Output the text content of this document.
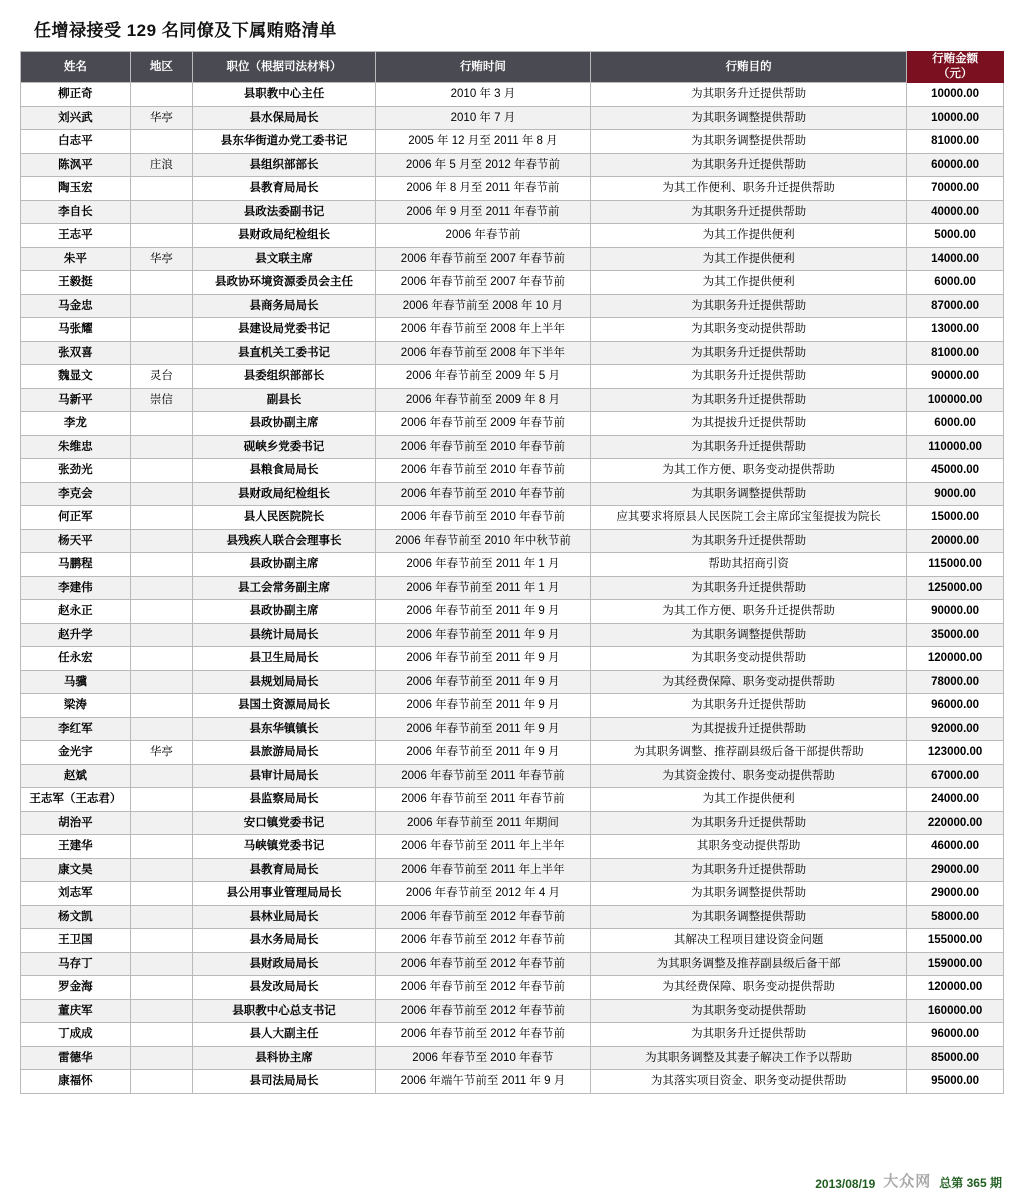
任增禄接受 129 名同僚及下属贿赂清单
姓名	地区	职位（根据司法材料）	行贿时间	行贿目的	行贿金额
（元）

柳正奇		县职教中心主任	2010 年 3 月	为其职务升迁提供帮助	10000.00
刘兴武	华亭	县水保局局长	2010 年 7 月	为其职务调整提供帮助	10000.00
白志平		县东华街道办党工委书记	2005 年 12 月至 2011 年 8 月	为其职务调整提供帮助	81000.00
陈沨平	庄浪	县组织部部长	2006 年 5 月至 2012 年春节前	为其职务升迁提供帮助	60000.00
陶玉宏		县教育局局长	2006 年 8 月至 2011 年春节前	为其工作便利、职务升迁提供帮助	70000.00
李自长		县政法委副书记	2006 年 9 月至 2011 年春节前	为其职务升迁提供帮助	40000.00
王志平		县财政局纪检组长	2006 年春节前	为其工作提供便利	5000.00
朱平	华亭	县文联主席	2006 年春节前至 2007 年春节前	为其工作提供便利	14000.00
王毅挺		县政协环境资源委员会主任	2006 年春节前至 2007 年春节前	为其工作提供便利	6000.00
马金忠		县商务局局长	2006 年春节前至 2008 年 10 月	为其职务升迁提供帮助	87000.00
马张耀		县建设局党委书记	2006 年春节前至 2008 年上半年	为其职务变动提供帮助	13000.00
张双喜		县直机关工委书记	2006 年春节前至 2008 年下半年	为其职务升迁提供帮助	81000.00
魏显文	灵台	县委组织部部长	2006 年春节前至 2009 年 5 月	为其职务升迁提供帮助	90000.00
马新平	崇信	副县长	2006 年春节前至 2009 年 8 月	为其职务升迁提供帮助	100000.00
李龙		县政协副主席	2006 年春节前至 2009 年春节前	为其提拔升迁提供帮助	6000.00
朱维忠		砚峡乡党委书记	2006 年春节前至 2010 年春节前	为其职务升迁提供帮助	110000.00
张劲光		县粮食局局长	2006 年春节前至 2010 年春节前	为其工作方便、职务变动提供帮助	45000.00
李克会		县财政局纪检组长	2006 年春节前至 2010 年春节前	为其职务调整提供帮助	9000.00
何正军		县人民医院院长	2006 年春节前至 2010 年春节前	应其要求将原县人民医院工会主席邱宝玺提拔为院长	15000.00
杨天平		县残疾人联合会理事长	2006 年春节前至 2010 年中秋节前	为其职务升迁提供帮助	20000.00
马鹏程		县政协副主席	2006 年春节前至 2011 年 1 月	帮助其招商引资	115000.00
李建伟		县工会常务副主席	2006 年春节前至 2011 年 1 月	为其职务升迁提供帮助	125000.00
赵永正		县政协副主席	2006 年春节前至 2011 年 9 月	为其工作方便、职务升迁提供帮助	90000.00
赵升学		县统计局局长	2006 年春节前至 2011 年 9 月	为其职务调整提供帮助	35000.00
任永宏		县卫生局局长	2006 年春节前至 2011 年 9 月	为其职务变动提供帮助	120000.00
马骥		县规划局局长	2006 年春节前至 2011 年 9 月	为其经费保障、职务变动提供帮助	78000.00
梁涛		县国土资源局局长	2006 年春节前至 2011 年 9 月	为其职务升迁提供帮助	96000.00
李红军		县东华镇镇长	2006 年春节前至 2011 年 9 月	为其提拔升迁提供帮助	92000.00
金光宇	华亭	县旅游局局长	2006 年春节前至 2011 年 9 月	为其职务调整、推荐副县级后备干部提供帮助	123000.00
赵斌		县审计局局长	2006 年春节前至 2011 年春节前	为其资金拨付、职务变动提供帮助	67000.00
王志军（王志君）		县监察局局长	2006 年春节前至 2011 年春节前	为其工作提供便利	24000.00
胡治平		安口镇党委书记	2006 年春节前至 2011 年期间	为其职务升迁提供帮助	220000.00
王建华		马峡镇党委书记	2006 年春节前至 2011 年上半年	其职务变动提供帮助	46000.00
康文昊		县教育局局长	2006 年春节前至 2011 年上半年	为其职务升迁提供帮助	29000.00
刘志军		县公用事业管理局局长	2006 年春节前至 2012 年 4 月	为其职务调整提供帮助	29000.00
杨文凯		县林业局局长	2006 年春节前至 2012 年春节前	为其职务调整提供帮助	58000.00
王卫国		县水务局局长	2006 年春节前至 2012 年春节前	其解决工程项目建设资金问题	155000.00
马存丁		县财政局局长	2006 年春节前至 2012 年春节前	为其职务调整及推荐副县级后备干部	159000.00
罗金海		县发改局局长	2006 年春节前至 2012 年春节前	为其经费保障、职务变动提供帮助	120000.00
董庆军		县职教中心总支书记	2006 年春节前至 2012 年春节前	为其职务变动提供帮助	160000.00
丁成成		县人大副主任	2006 年春节前至 2012 年春节前	为其职务升迁提供帮助	96000.00
雷德华		县科协主席	2006 年春节至 2010 年春节	为其职务调整及其妻子解决工作予以帮助	85000.00
康福怀		县司法局局长	2006 年端午节前至 2011 年 9 月	为其落实项目资金、职务变动提供帮助	95000.00
2013/08/19 大众网 总第 365 期
